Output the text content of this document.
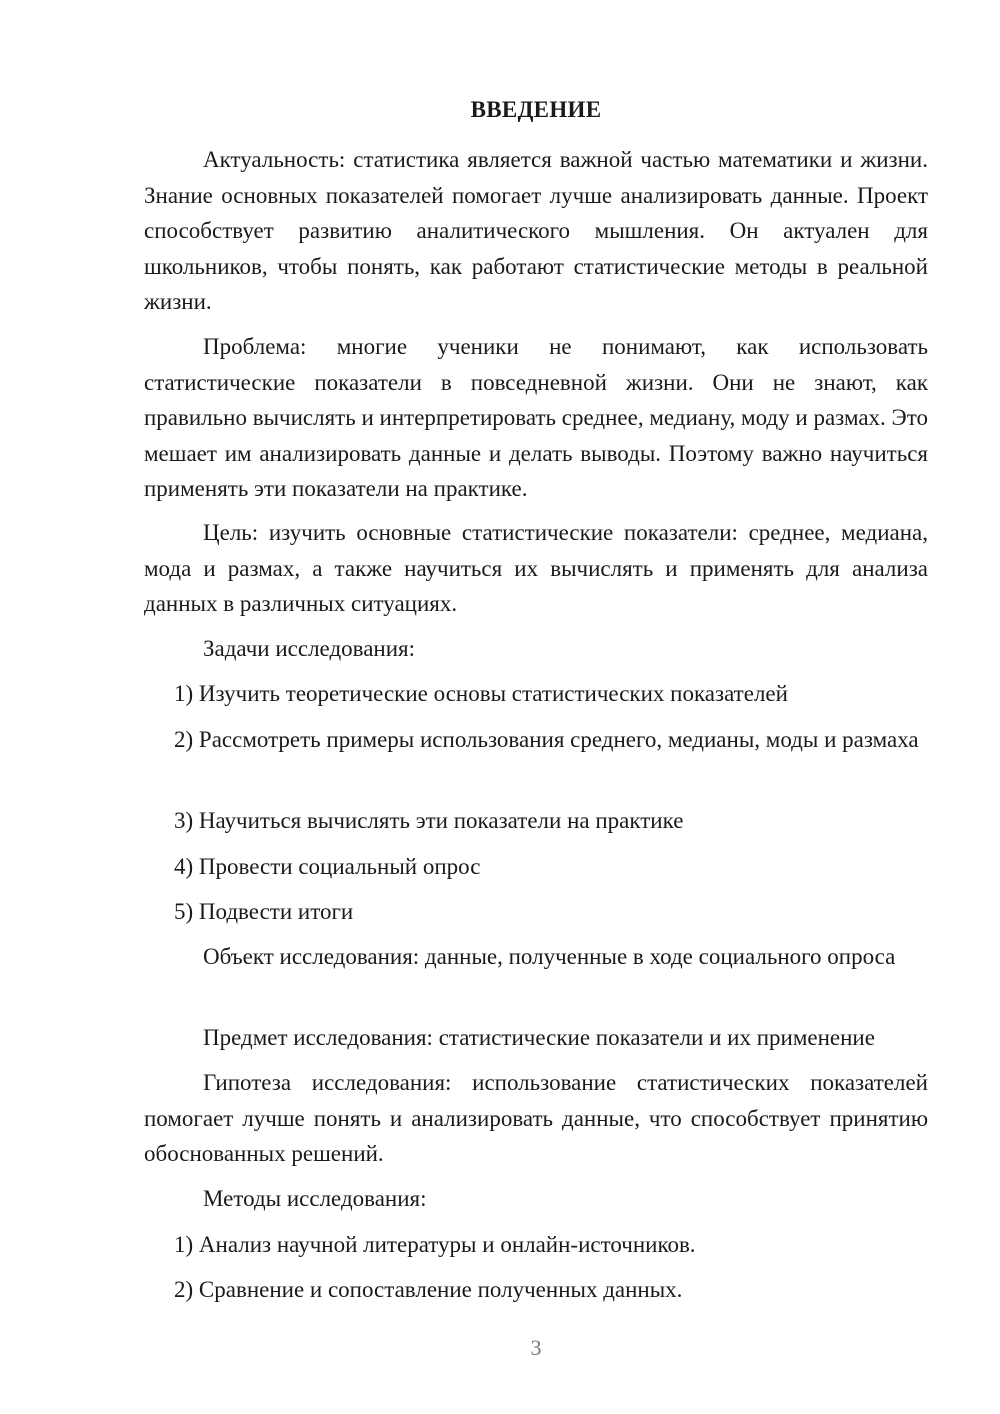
ВВЕДЕНИЕ

Актуальность: статистика является важной частью математики и жизни. Знание основных показателей помогает лучше анализировать данные. Проект способствует развитию аналитического мышления. Он актуален для школьников, чтобы понять, как работают статистические методы в реальной жизни.

Проблема: многие ученики не понимают, как использовать статистические показатели в повседневной жизни. Они не знают, как правильно вычислять и интерпретировать среднее, медиану, моду и размах. Это мешает им анализировать данные и делать выводы. Поэтому важно научиться применять эти показатели на практике.

Цель: изучить основные статистические показатели: среднее, медиана, мода и размах, а также научиться их вычислять и применять для анализа данных в различных ситуациях.

Задачи исследования:

1) Изучить теоретические основы статистических показателей

2) Рассмотреть примеры использования среднего, медианы, моды и размаха

3) Научиться вычислять эти показатели на практике

4) Провести социальный опрос

5) Подвести итоги

Объект исследования: данные, полученные в ходе социального опроса

Предмет исследования: статистические показатели и их применение

Гипотеза исследования: использование статистических показателей помогает лучше понять и анализировать данные, что способствует принятию обоснованных решений.

Методы исследования:

1) Анализ научной литературы и онлайн-источников.

2) Сравнение и сопоставление полученных данных.

3
